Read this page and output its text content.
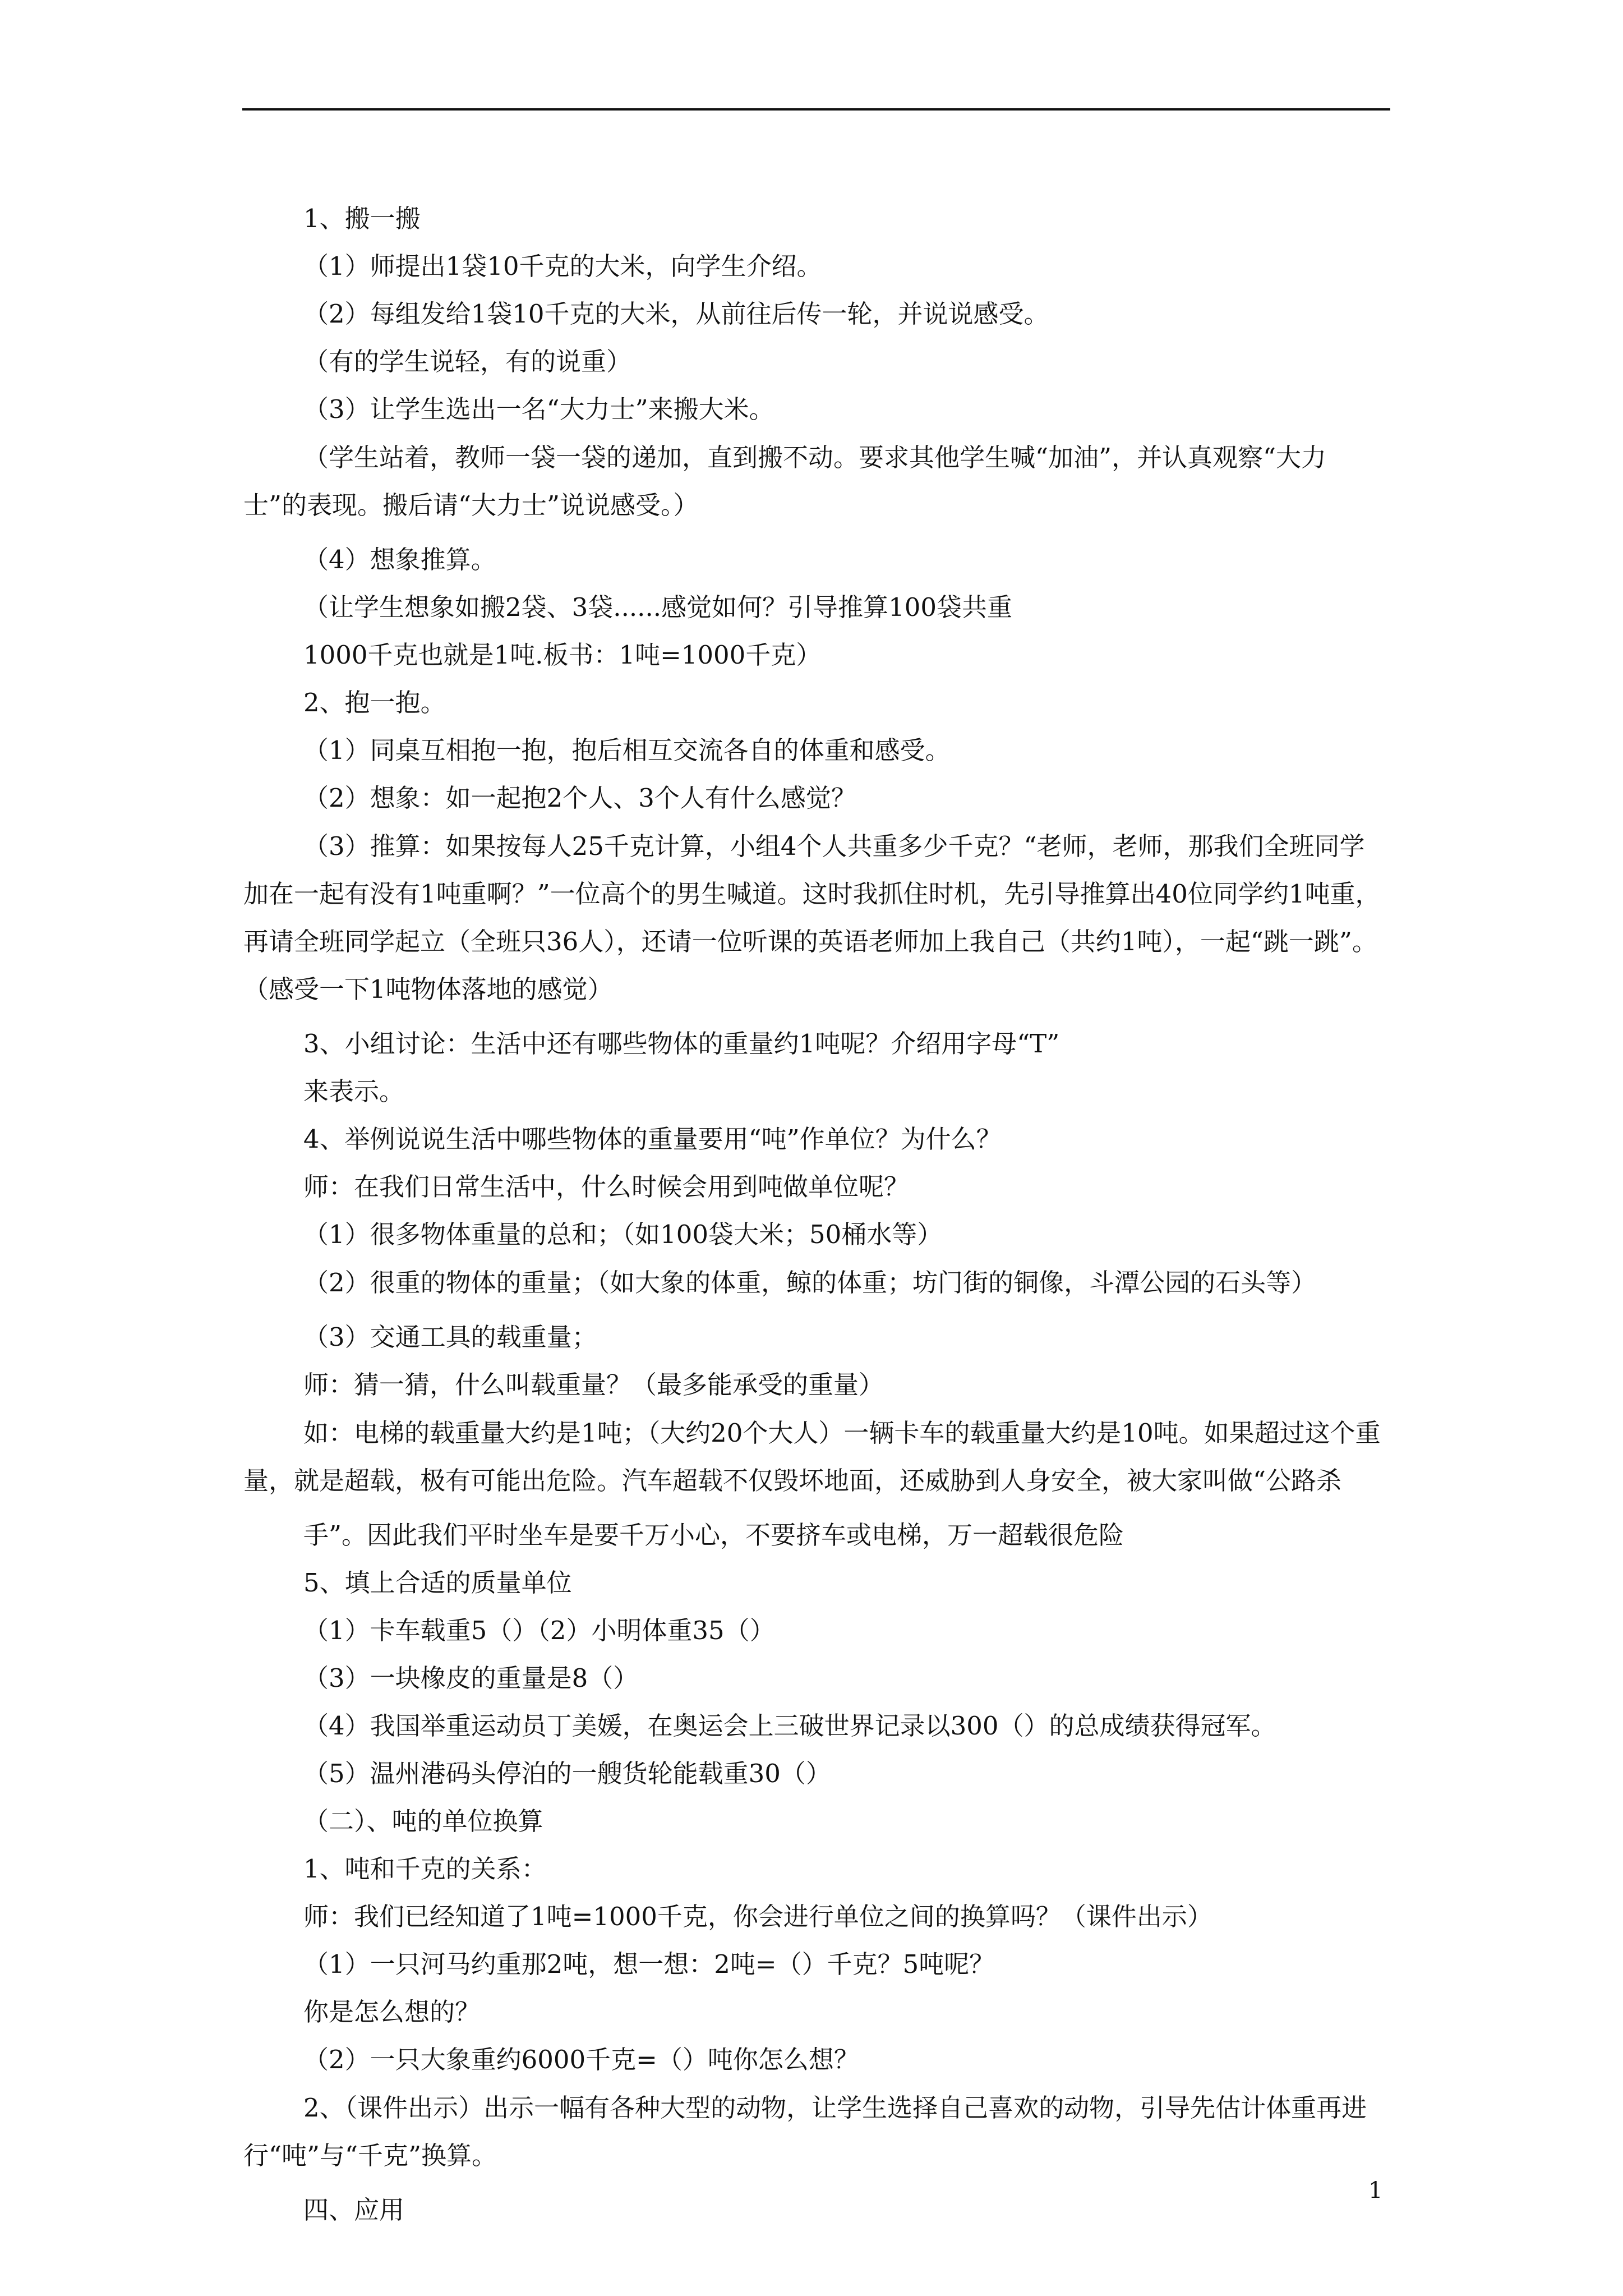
1、搬一搬
（1）师提出1袋10千克的大米，向学生介绍。
（2）每组发给1袋10千克的大米，从前往后传一轮，并说说感受。
（有的学生说轻，有的说重）
（3）让学生选出一名“大力士”来搬大米。
（学生站着，教师一袋一袋的递加，直到搬不动。要求其他学生喊“加油”，并认真观察“大力士”的表现。搬后请“大力士”说说感受。）
（4）想象推算。
（让学生想象如搬2袋、3袋......感觉如何？引导推算100袋共重
1000千克也就是1吨.板书：1吨=1000千克）
2、抱一抱。
（1）同桌互相抱一抱，抱后相互交流各自的体重和感受。
（2）想象：如一起抱2个人、3个人有什么感觉？
（3）推算：如果按每人25千克计算，小组4个人共重多少千克？“老师，老师，那我们全班同学加在一起有没有1吨重啊？”一位高个的男生喊道。这时我抓住时机，先引导推算出40位同学约1吨重，再请全班同学起立（全班只36人），还请一位听课的英语老师加上我自己（共约1吨），一起“跳一跳”。（感受一下1吨物体落地的感觉）
3、小组讨论：生活中还有哪些物体的重量约1吨呢？介绍用字母“T”
来表示。
4、举例说说生活中哪些物体的重量要用“吨”作单位？为什么？
师：在我们日常生活中，什么时候会用到吨做单位呢？
（1）很多物体重量的总和；（如100袋大米；50桶水等）
（2）很重的物体的重量；（如大象的体重，鲸的体重；坊门街的铜像，斗潭公园的石头等）
（3）交通工具的载重量；
师：猜一猜，什么叫载重量？（最多能承受的重量）
如：电梯的载重量大约是1吨；（大约20个大人）一辆卡车的载重量大约是10吨。如果超过这个重量，就是超载，极有可能出危险。汽车超载不仅毁坏地面，还威胁到人身安全，被大家叫做“公路杀
手”。因此我们平时坐车是要千万小心，不要挤车或电梯，万一超载很危险
5、填上合适的质量单位
（1）卡车载重5（）（2）小明体重35（）
（3）一块橡皮的重量是8（）
（4）我国举重运动员丁美媛，在奥运会上三破世界记录以300（）的总成绩获得冠军。
（5）温州港码头停泊的一艘货轮能载重30（）
（二）、吨的单位换算
1、吨和千克的关系：
师：我们已经知道了1吨=1000千克，你会进行单位之间的换算吗？（课件出示）
（1）一只河马约重那2吨，想一想：2吨=（）千克？5吨呢？
你是怎么想的？
（2）一只大象重约6000千克=（）吨你怎么想？
2、（课件出示）出示一幅有各种大型的动物，让学生选择自己喜欢的动物，引导先估计体重再进行“吨”与“千克”换算。
四、应用
1
